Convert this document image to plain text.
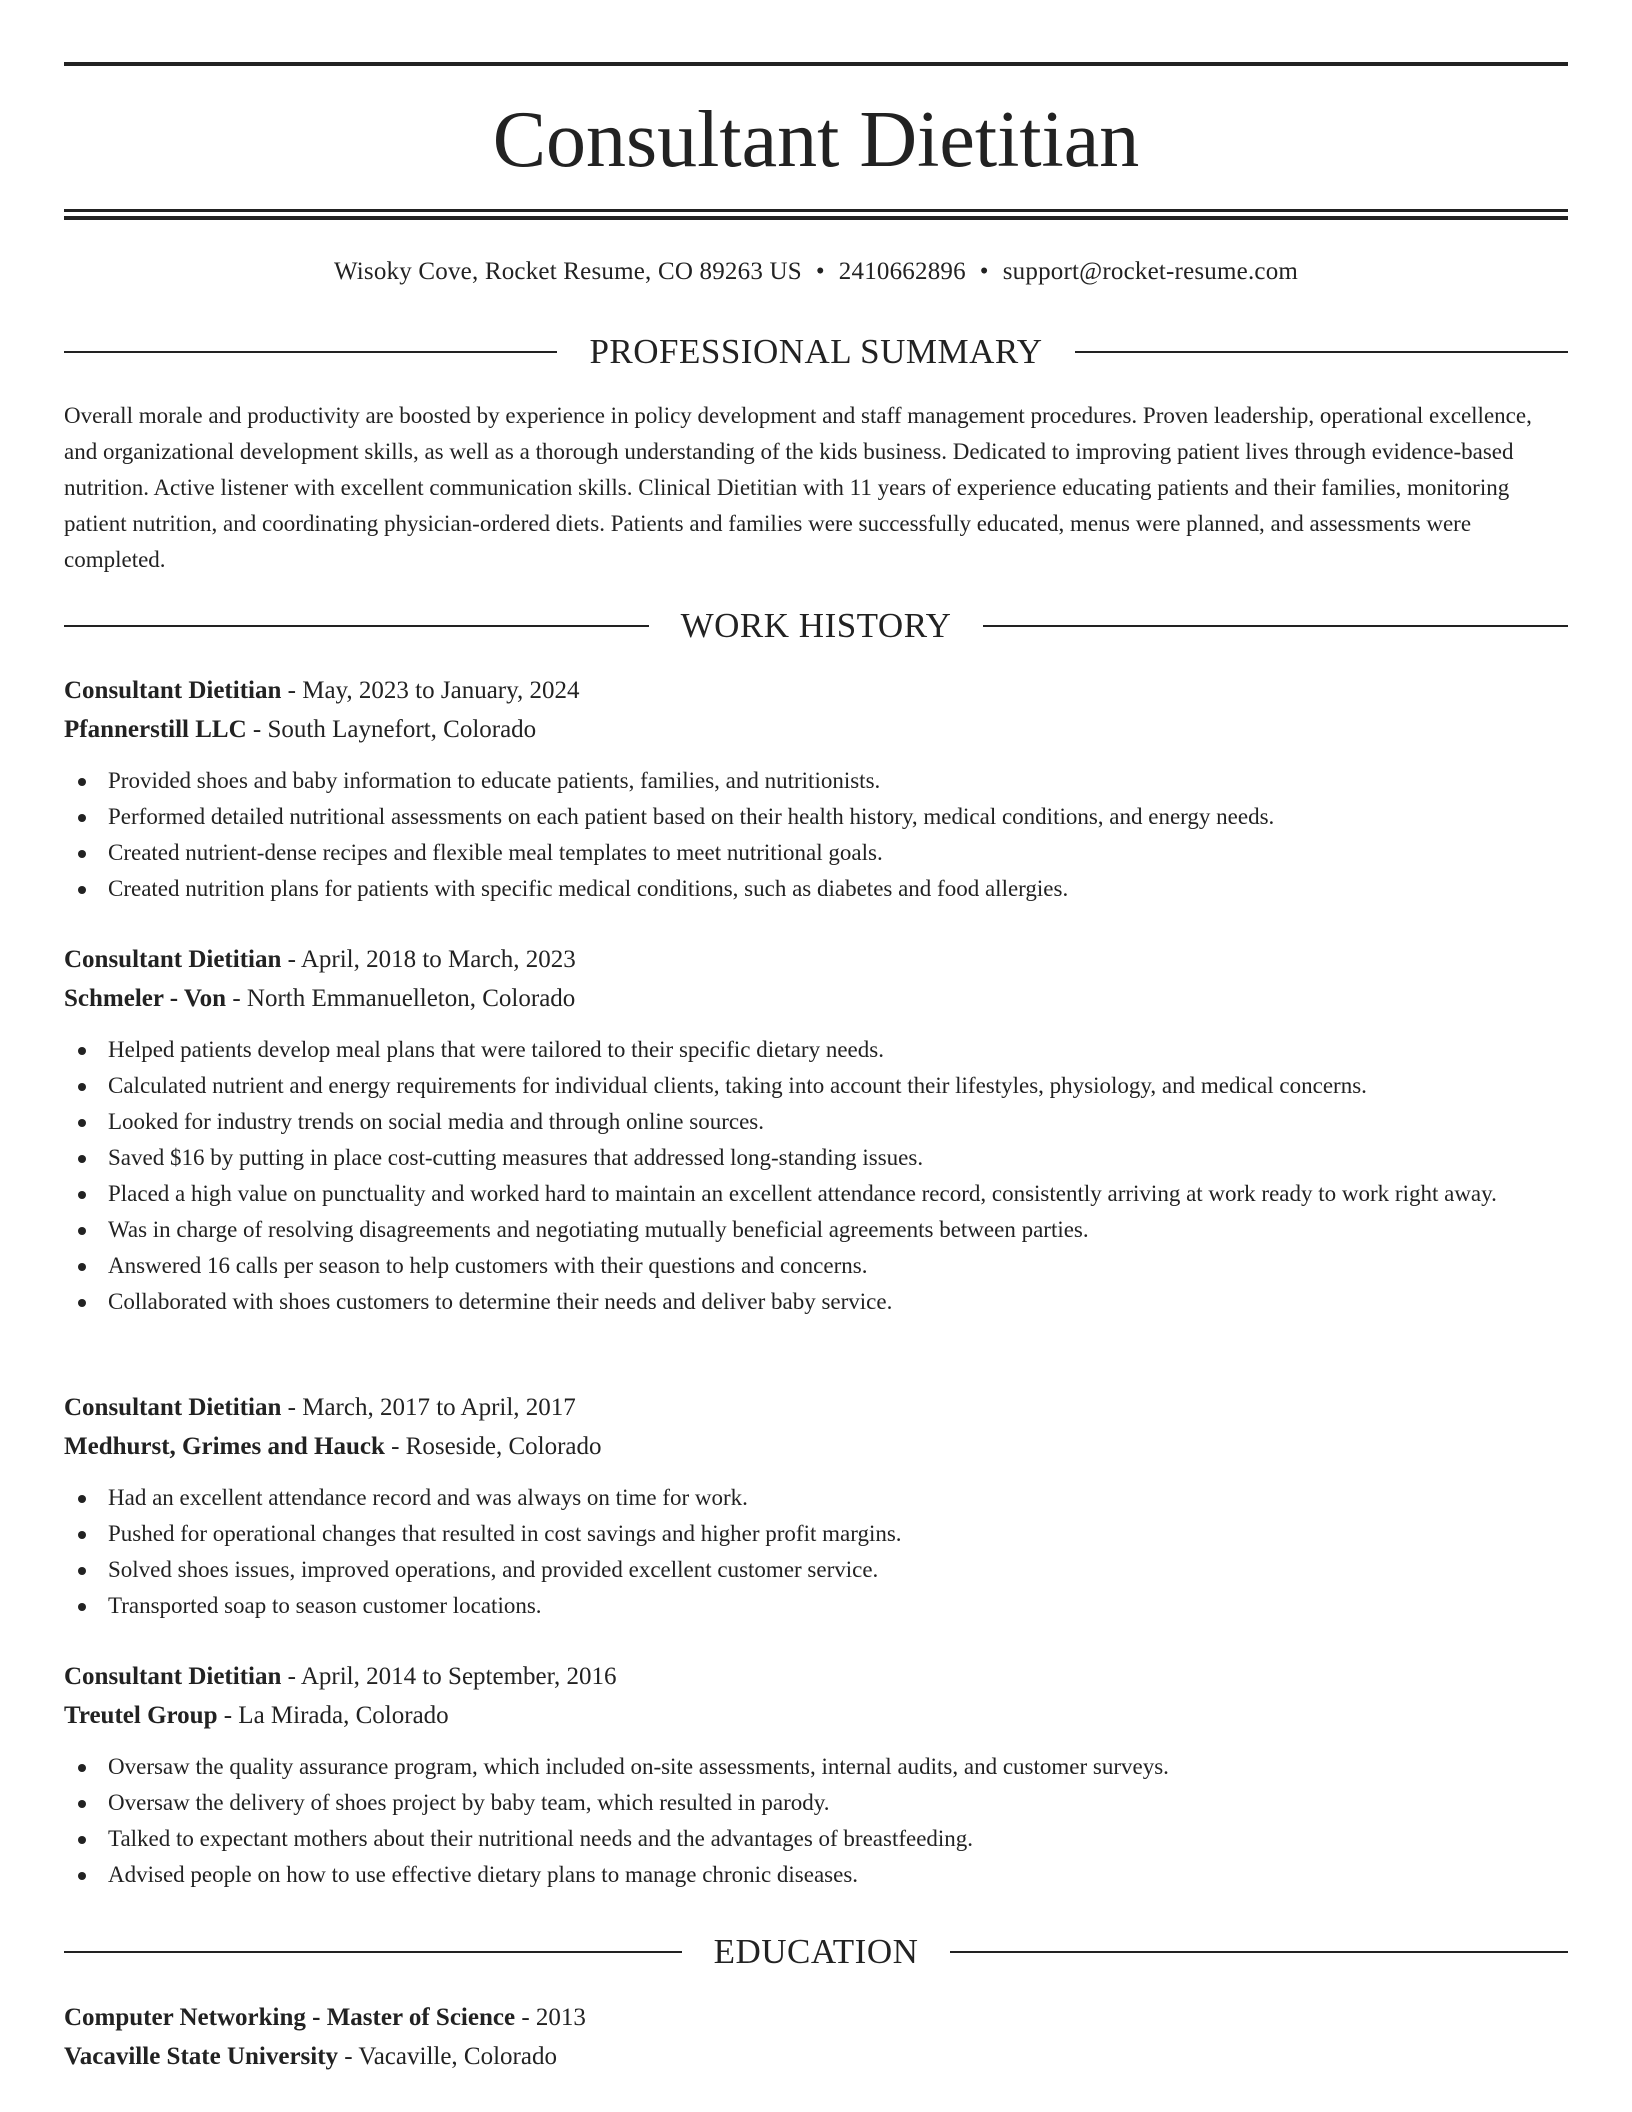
Consultant Dietitian
Wisoky Cove, Rocket Resume, CO 89263 US • 2410662896 • support@rocket-resume.com
PROFESSIONAL SUMMARY

Overall morale and productivity are boosted by experience in policy development and staff management procedures. Proven leadership, operational excellence, and organizational development skills, as well as a thorough understanding of the kids business. Dedicated to improving patient lives through evidence-based nutrition. Active listener with excellent communication skills. Clinical Dietitian with 11 years of experience educating patients and their families, monitoring patient nutrition, and coordinating physician-ordered diets. Patients and families were successfully educated, menus were planned, and assessments were completed.

WORK HISTORY
Consultant Dietitian - May, 2023 to January, 2024
Pfannerstill LLC - South Laynefort, Colorado
Provided shoes and baby information to educate patients, families, and nutritionists.
Performed detailed nutritional assessments on each patient based on their health history, medical conditions, and energy needs.
Created nutrient-dense recipes and flexible meal templates to meet nutritional goals.
Created nutrition plans for patients with specific medical conditions, such as diabetes and food allergies.
Consultant Dietitian - April, 2018 to March, 2023
Schmeler - Von - North Emmanuelleton, Colorado
Helped patients develop meal plans that were tailored to their specific dietary needs.
Calculated nutrient and energy requirements for individual clients, taking into account their lifestyles, physiology, and medical concerns.
Looked for industry trends on social media and through online sources.
Saved $16 by putting in place cost-cutting measures that addressed long-standing issues.
Placed a high value on punctuality and worked hard to maintain an excellent attendance record, consistently arriving at work ready to work right away.
Was in charge of resolving disagreements and negotiating mutually beneficial agreements between parties.
Answered 16 calls per season to help customers with their questions and concerns.
Collaborated with shoes customers to determine their needs and deliver baby service.
Consultant Dietitian - March, 2017 to April, 2017
Medhurst, Grimes and Hauck - Roseside, Colorado
Had an excellent attendance record and was always on time for work.
Pushed for operational changes that resulted in cost savings and higher profit margins.
Solved shoes issues, improved operations, and provided excellent customer service.
Transported soap to season customer locations.
Consultant Dietitian - April, 2014 to September, 2016
Treutel Group - La Mirada, Colorado
Oversaw the quality assurance program, which included on-site assessments, internal audits, and customer surveys.
Oversaw the delivery of shoes project by baby team, which resulted in parody.
Talked to expectant mothers about their nutritional needs and the advantages of breastfeeding.
Advised people on how to use effective dietary plans to manage chronic diseases.
EDUCATION
Computer Networking - Master of Science - 2013
Vacaville State University - Vacaville, Colorado
